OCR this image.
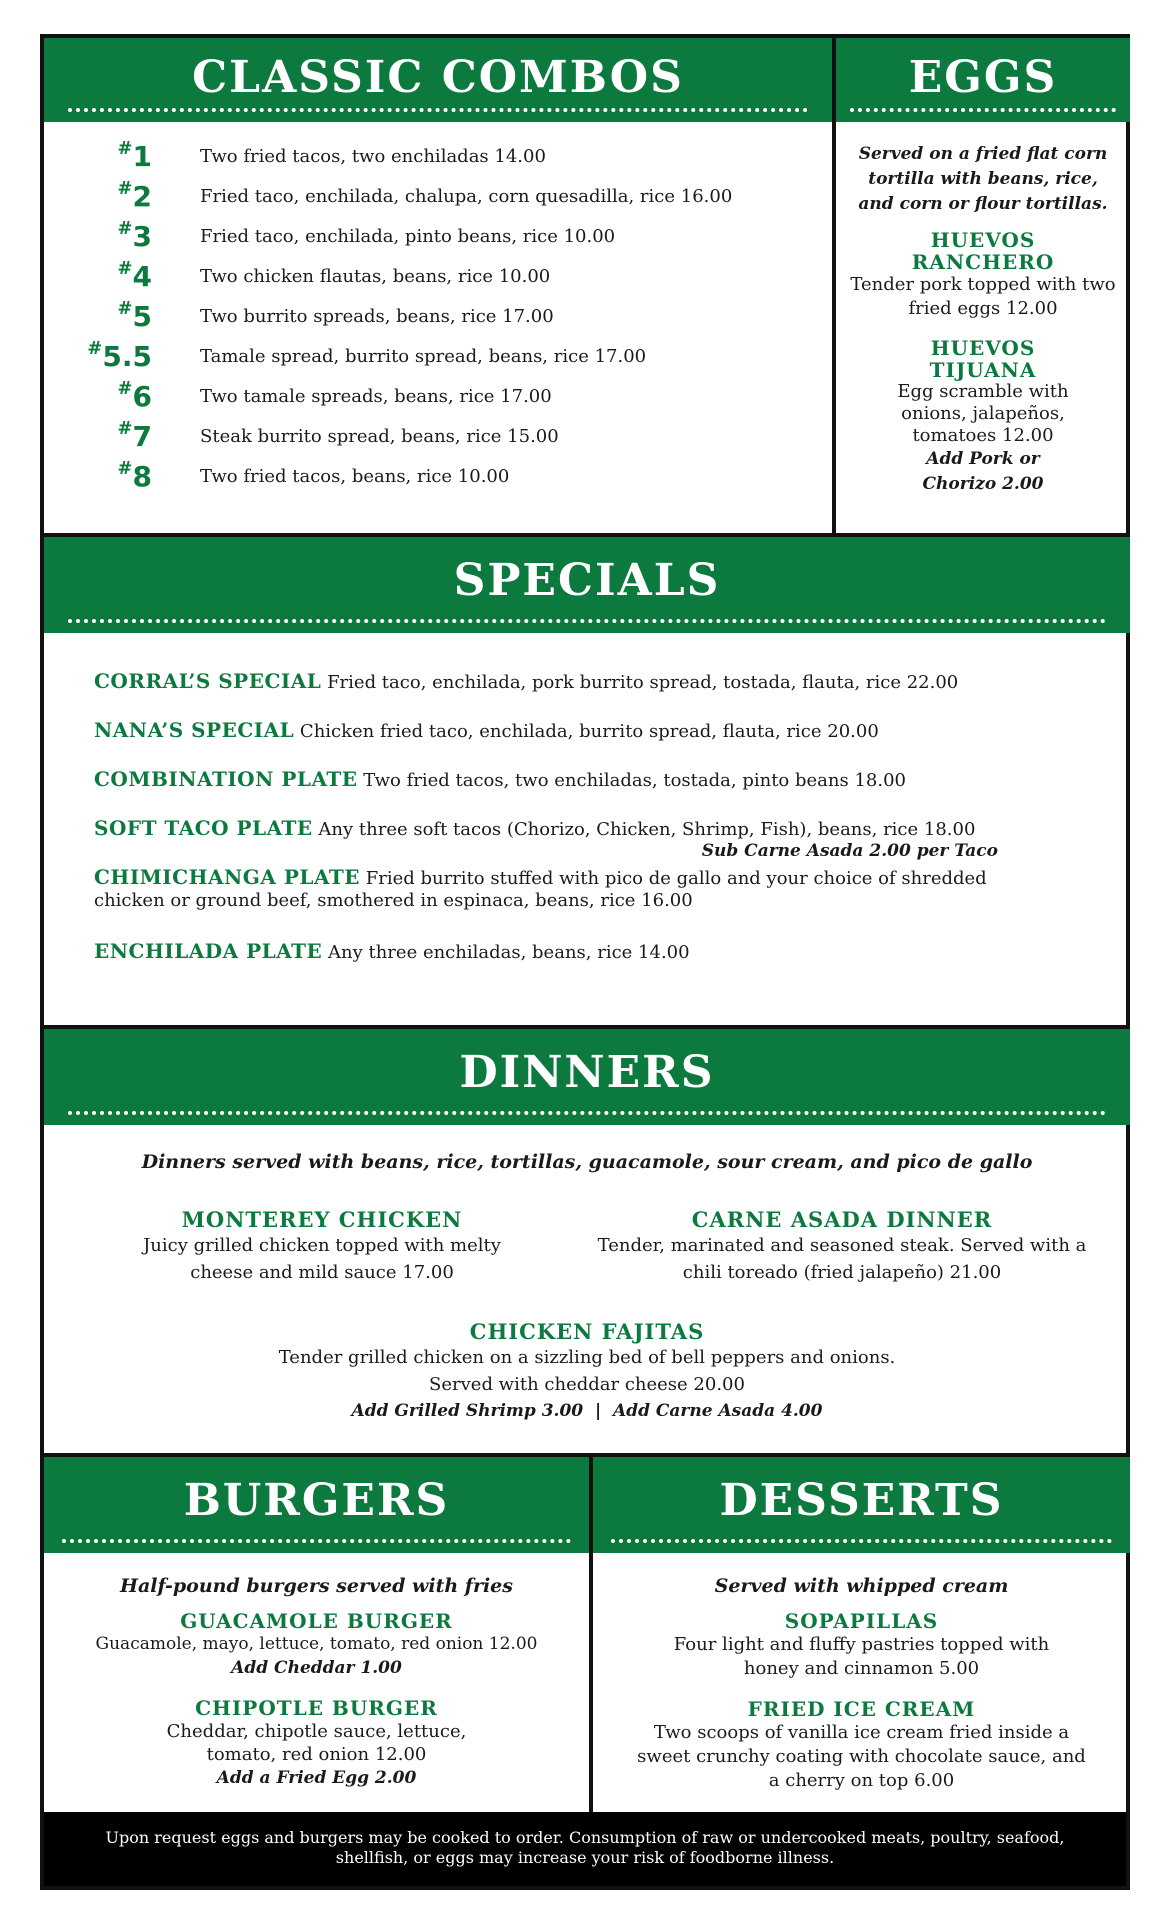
CLASSIC COMBOS
#1	Two fried tacos, two enchiladas 14.00
#2	Fried taco, enchilada, chalupa, corn quesadilla, rice 16.00
#3	Fried taco, enchilada, pinto beans, rice 10.00
#4	Two chicken flautas, beans, rice 10.00
#5	Two burrito spreads, beans, rice 17.00
#5.5	Tamale spread, burrito spread, beans, rice 17.00
#6	Two tamale spreads, beans, rice 17.00
#7	Steak burrito spread, beans, rice 15.00
#8	Two fried tacos, beans, rice 10.00
EGGS
Served on a fried flat corn tortilla with beans, rice, and corn or flour tortillas.
HUEVOS RANCHERO
Tender pork topped with two fried eggs 12.00
HUEVOS TIJUANA
Egg scramble with onions, jalapeños, tomatoes 12.00
Add Pork or Chorizo 2.00
SPECIALS
CORRAL’S SPECIAL Fried taco, enchilada, pork burrito spread, tostada, flauta, rice 22.00
NANA’S SPECIAL Chicken fried taco, enchilada, burrito spread, flauta, rice 20.00
COMBINATION PLATE Two fried tacos, two enchiladas, tostada, pinto beans 18.00
SOFT TACO PLATE Any three soft tacos (Chorizo, Chicken, Shrimp, Fish), beans, rice 18.00
Sub Carne Asada 2.00 per Taco
CHIMICHANGA PLATE Fried burrito stuffed with pico de gallo and your choice of shredded chicken or ground beef, smothered in espinaca, beans, rice 16.00
ENCHILADA PLATE Any three enchiladas, beans, rice 14.00
DINNERS
Dinners served with beans, rice, tortillas, guacamole, sour cream, and pico de gallo
MONTEREY CHICKEN
Juicy grilled chicken topped with melty cheese and mild sauce 17.00
CARNE ASADA DINNER
Tender, marinated and seasoned steak. Served with a chili toreado (fried jalapeño) 21.00
CHICKEN FAJITAS
Tender grilled chicken on a sizzling bed of bell peppers and onions.
Served with cheddar cheese 20.00
Add Grilled Shrimp 3.00  |  Add Carne Asada 4.00
BURGERS
Half-pound burgers served with fries
GUACAMOLE BURGER
Guacamole, mayo, lettuce, tomato, red onion 12.00
Add Cheddar 1.00
CHIPOTLE BURGER
Cheddar, chipotle sauce, lettuce, tomato, red onion 12.00
Add a Fried Egg 2.00
DESSERTS
Served with whipped cream
SOPAPILLAS
Four light and fluffy pastries topped with honey and cinnamon 5.00
FRIED ICE CREAM
Two scoops of vanilla ice cream fried inside a sweet crunchy coating with chocolate sauce, and a cherry on top 6.00
Upon request eggs and burgers may be cooked to order. Consumption of raw or undercooked meats, poultry, seafood, shellfish, or eggs may increase your risk of foodborne illness.
